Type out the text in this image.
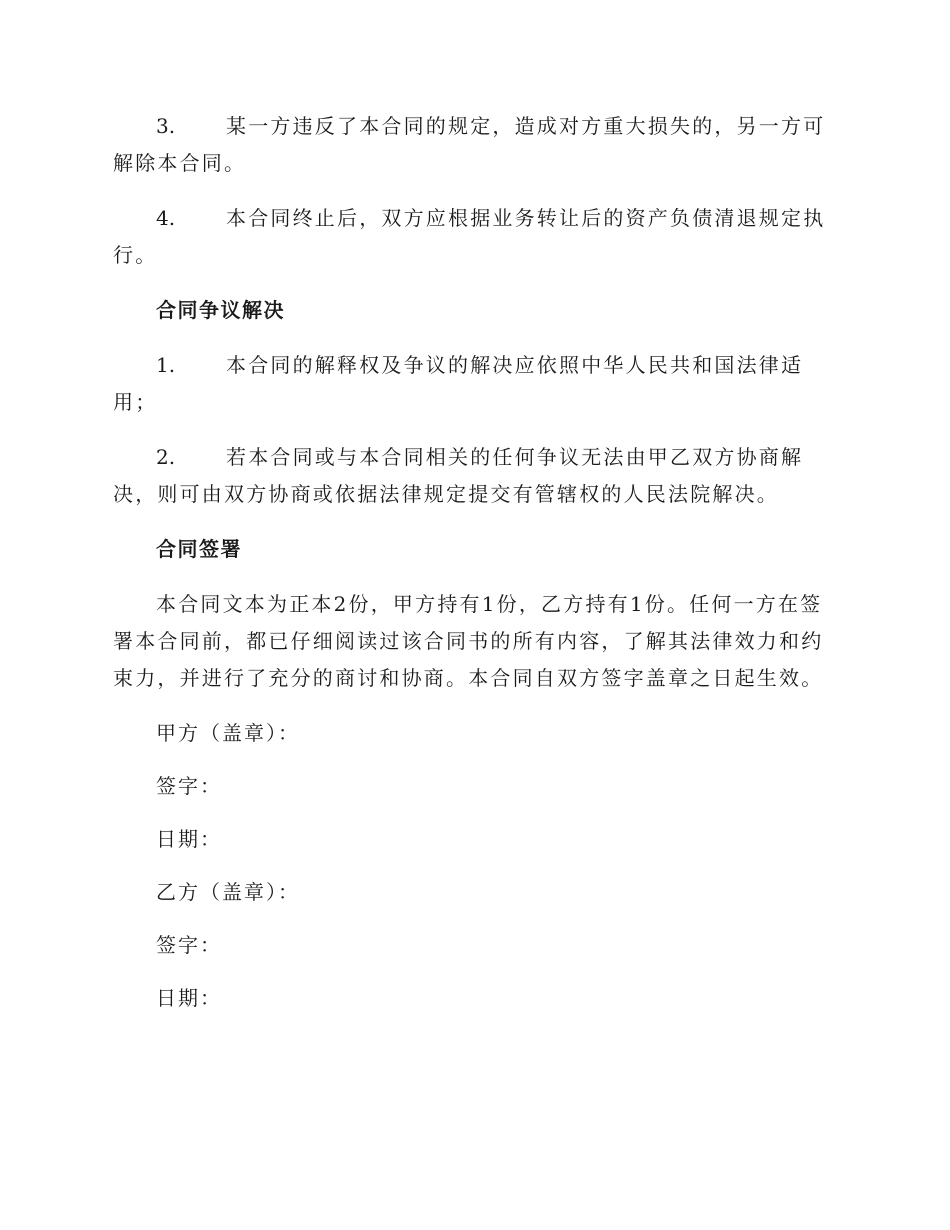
3.	某一方违反了本合同的规定，造成对方重大损失的，另一方可解除本合同。
4.	本合同终止后，双方应根据业务转让后的资产负债清退规定执行。
合同争议解决
1.	本合同的解释权及争议的解决应依照中华人民共和国法律适用；
2.	若本合同或与本合同相关的任何争议无法由甲乙双方协商解决，则可由双方协商或依据法律规定提交有管辖权的人民法院解决。
合同签署
本合同文本为正本2份，甲方持有1份，乙方持有1份。任何一方在签署本合同前，都已仔细阅读过该合同书的所有内容，了解其法律效力和约束力，并进行了充分的商讨和协商。本合同自双方签字盖章之日起生效。
甲方（盖章）：
签字：
日期：
乙方（盖章）：
签字：
日期：
